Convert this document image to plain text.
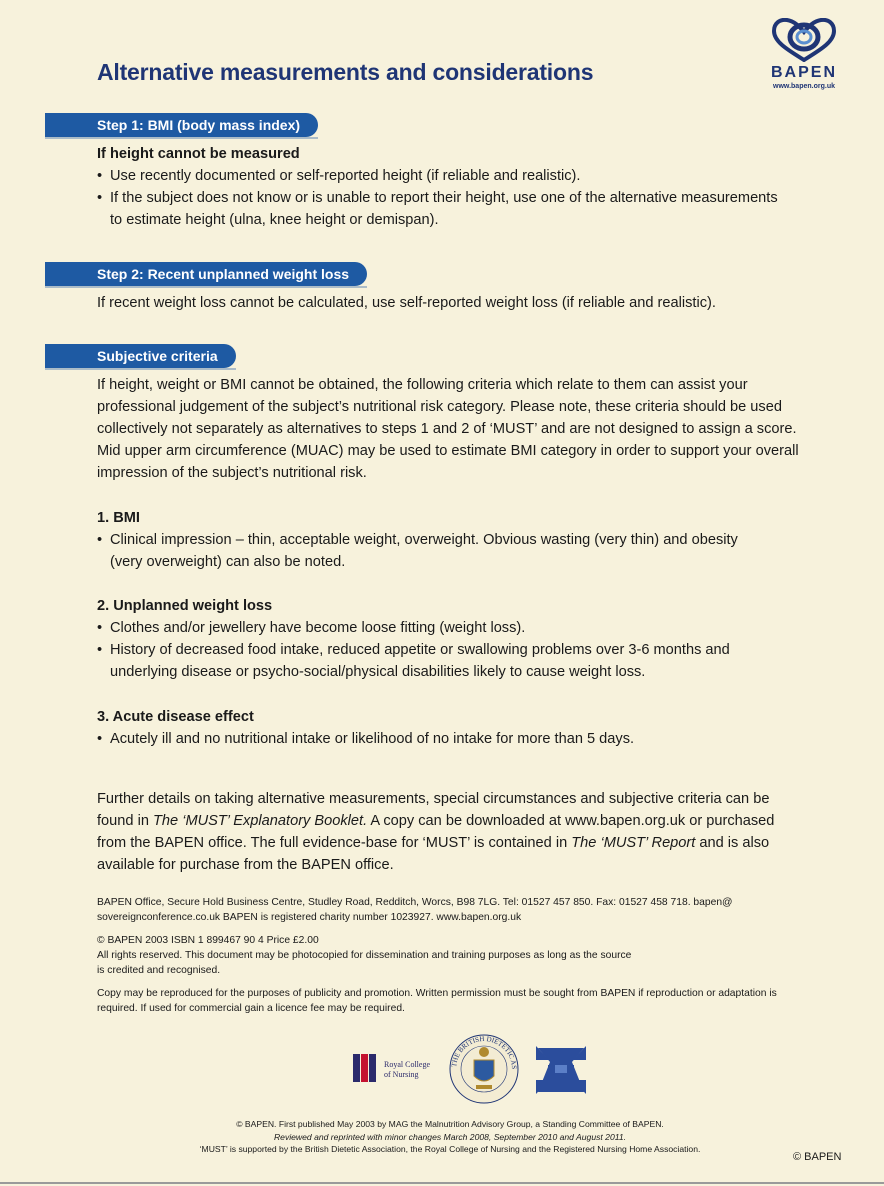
Alternative measurements and considerations	BAPEN
www.bapen.org.uk
Step 1: BMI (body mass index)
If height cannot be measured
• Use recently documented or self-reported height (if reliable and realistic).
• If the subject does not know or is unable to report their height, use one of the alternative measurements
to estimate height (ulna, knee height or demispan).
Step 2: Recent unplanned weight loss
If recent weight loss cannot be calculated, use self-reported weight loss (if reliable and realistic).
Subjective criteria
If height, weight or BMI cannot be obtained, the following criteria which relate to them can assist your
professional judgement of the subject’s nutritional risk category. Please note, these criteria should be used
collectively not separately as alternatives to steps 1 and 2 of ‘MUST’ and are not designed to assign a score.
Mid upper arm circumference (MUAC) may be used to estimate BMI category in order to support your overall
impression of the subject’s nutritional risk.
1. BMI
• Clinical impression – thin, acceptable weight, overweight. Obvious wasting (very thin) and obesity
(very overweight) can also be noted.
2. Unplanned weight loss
• Clothes and/or jewellery have become loose fitting (weight loss).
• History of decreased food intake, reduced appetite or swallowing problems over 3-6 months and
underlying disease or psycho-social/physical disabilities likely to cause weight loss.
3. Acute disease effect
• Acutely ill and no nutritional intake or likelihood of no intake for more than 5 days.
Further details on taking alternative measurements, special circumstances and subjective criteria can be
found in The ‘MUST’ Explanatory Booklet. A copy can be downloaded at www.bapen.org.uk or purchased
from the BAPEN office. The full evidence-base for ‘MUST’ is contained in The ‘MUST’ Report and is also
available for purchase from the BAPEN office.
BAPEN Office, Secure Hold Business Centre, Studley Road, Redditch, Worcs, B98 7LG. Tel: 01527 457 850. Fax: 01527 458 718. bapen@
sovereignconference.co.uk BAPEN is registered charity number 1023927. www.bapen.org.uk
© BAPEN 2003 ISBN 1 899467 90 4 Price £2.00
All rights reserved. This document may be photocopied for dissemination and training purposes as long as the source
is credited and recognised.
Copy may be reproduced for the purposes of publicity and promotion. Written permission must be sought from BAPEN if reproduction or adaptation is
required. If used for commercial gain a licence fee may be required.
Royal College
of Nursing
THE BRITISH DIETETIC AS
© BAPEN. First published May 2003 by MAG the Malnutrition Advisory Group, a Standing Committee of BAPEN.
Reviewed and reprinted with minor changes March 2008, September 2010 and August 2011.
‘MUST’ is supported by the British Dietetic Association, the Royal College of Nursing and the Registered Nursing Home Association.
© BAPEN
